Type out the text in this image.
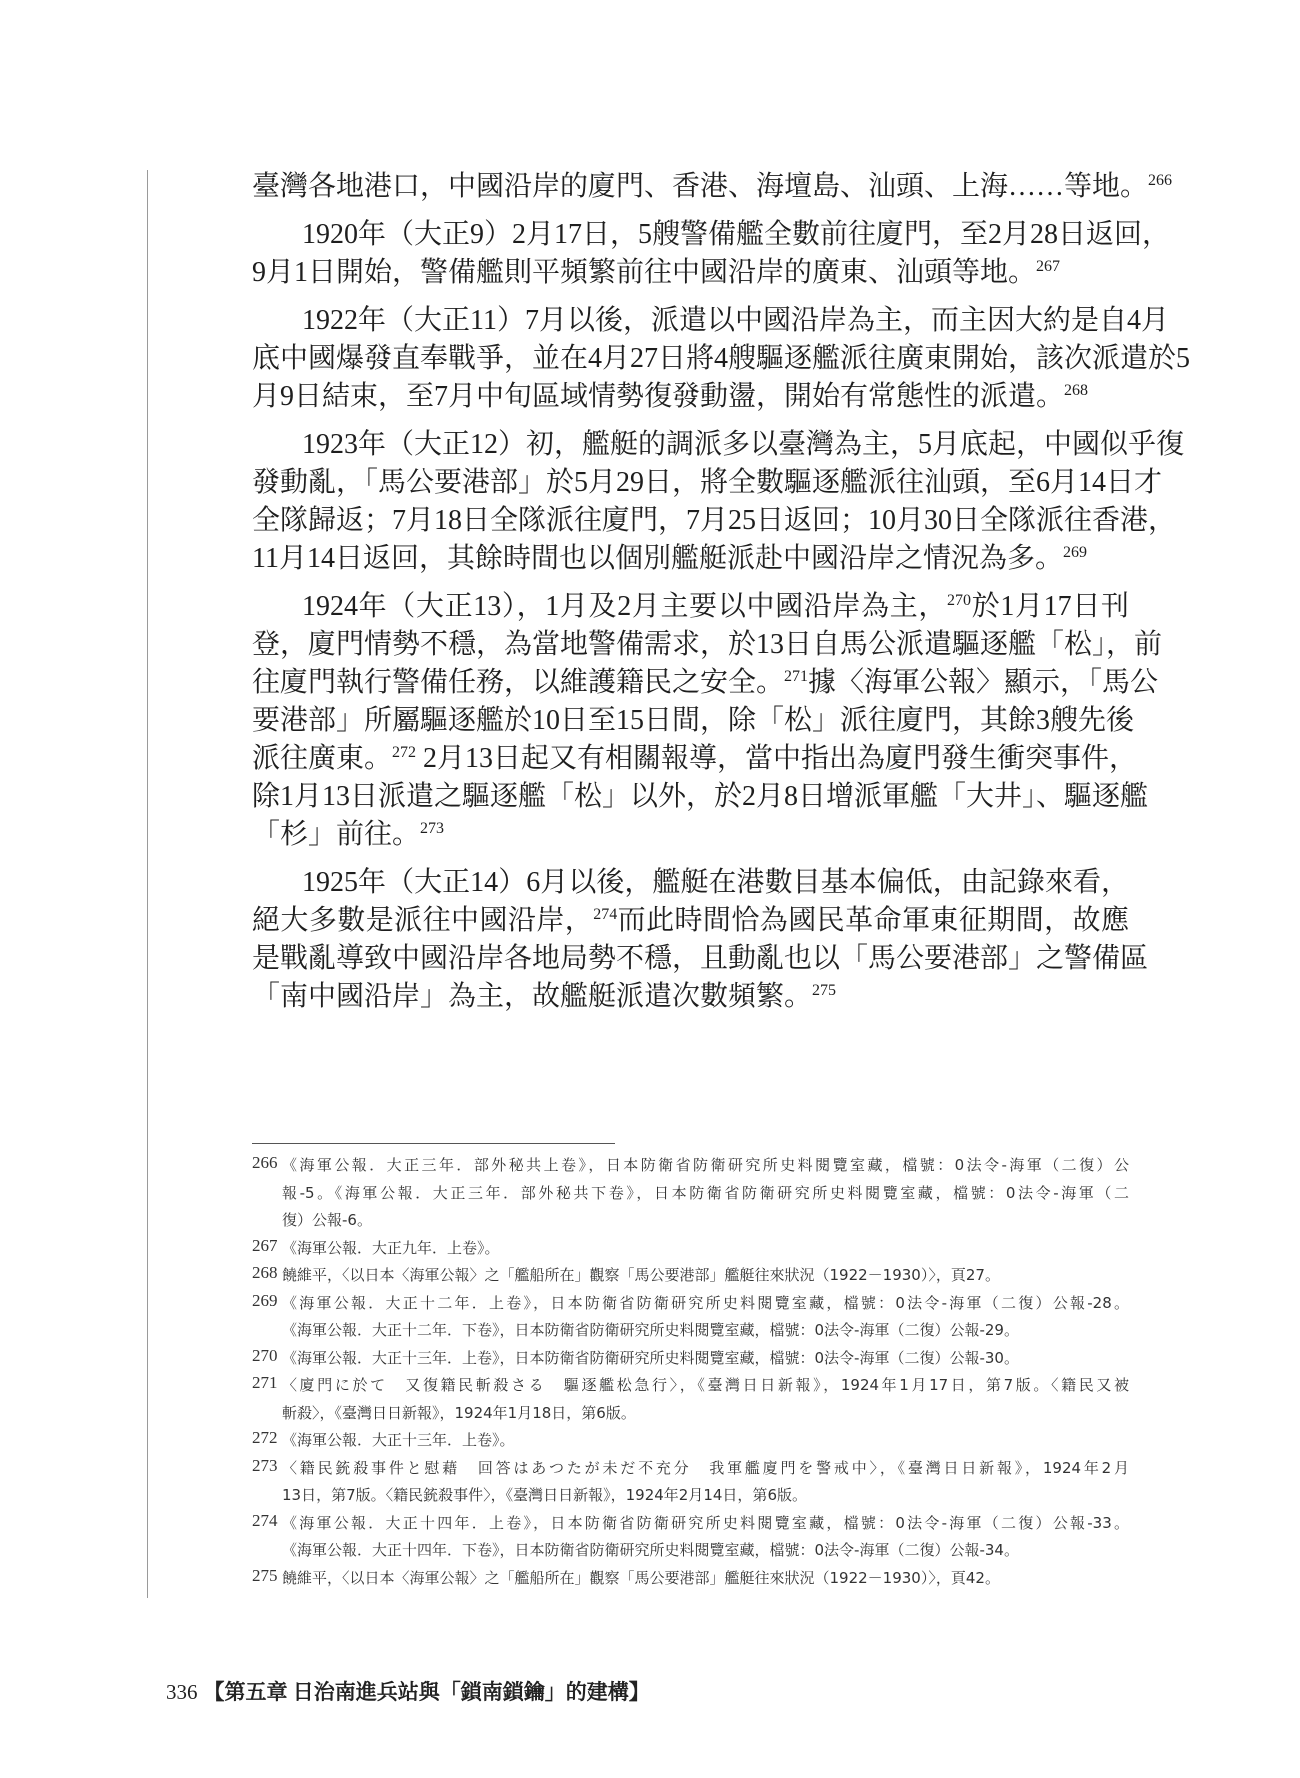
臺灣各地港口，中國沿岸的廈門、香港、海壇島、汕頭、上海……等地。$^{266}$
1920年（大正9）2月17日，5艘警備艦全數前往廈門，至2月28日返回，
9月1日開始，警備艦則平頻繁前往中國沿岸的廣東、汕頭等地。$^{267}$
1922年（大正11）7月以後，派遣以中國沿岸為主，而主因大約是自4月
底中國爆發直奉戰爭，並在4月27日將4艘驅逐艦派往廣東開始，該次派遣於5
月9日結束，至7月中旬區域情勢復發動盪，開始有常態性的派遣。$^{268}$
1923年（大正12）初，艦艇的調派多以臺灣為主，5月底起，中國似乎復
發動亂，「馬公要港部」於5月29日，將全數驅逐艦派往汕頭，至6月14日才
全隊歸返；7月18日全隊派往廈門，7月25日返回；10月30日全隊派往香港，
11月14日返回，其餘時間也以個別艦艇派赴中國沿岸之情況為多。$^{269}$
1924年（大正13），1月及2月主要以中國沿岸為主，$^{270}$於1月17日刊
登，廈門情勢不穩，為當地警備需求，於13日自馬公派遣驅逐艦「松」，前
往廈門執行警備任務，以維護籍民之安全。$^{271}$據〈海軍公報〉顯示，「馬公
要港部」所屬驅逐艦於10日至15日間，除「松」派往廈門，其餘3艘先後
派往廣東。$^{272}$ 2月13日起又有相關報導，當中指出為廈門發生衝突事件，
除1月13日派遣之驅逐艦「松」以外，於2月8日增派軍艦「大井」、驅逐艦
「杉」前往。$^{273}$
1925年（大正14）6月以後，艦艇在港數目基本偏低，由記錄來看，
絕大多數是派往中國沿岸，$^{274}$而此時間恰為國民革命軍東征期間，故應
是戰亂導致中國沿岸各地局勢不穩，且動亂也以「馬公要港部」之警備區
「南中國沿岸」為主，故艦艇派遣次數頻繁。$^{275}$
266 《海軍公報．大正三年．部外秘共上卷》，日本防衛省防衛研究所史料閱覽室藏，檔號：0法令-海軍（二復）公
報-5。《海軍公報．大正三年．部外秘共下卷》，日本防衛省防衛研究所史料閱覽室藏，檔號：0法令-海軍（二
復）公報-6。
267 《海軍公報．大正九年．上卷》。
268 饒維平，〈以日本〈海軍公報〉之「艦船所在」觀察「馬公要港部」艦艇往來狀況（1922－1930）〉，頁27。
269 《海軍公報．大正十二年．上卷》，日本防衛省防衛研究所史料閱覽室藏，檔號：0法令-海軍（二復）公報-28。
《海軍公報．大正十二年．下卷》，日本防衛省防衛研究所史料閱覽室藏，檔號：0法令-海軍（二復）公報-29。
270 《海軍公報．大正十三年．上卷》，日本防衛省防衛研究所史料閱覽室藏，檔號：0法令-海軍（二復）公報-30。
271 〈廈門に於て　又復籍民斬殺さる　驅逐艦松急行〉，《臺灣日日新報》，1924年1月17日，第7版。〈籍民又被
斬殺〉，《臺灣日日新報》，1924年1月18日，第6版。
272 《海軍公報．大正十三年．上卷》。
273 〈籍民銃殺事件と慰藉　回答はあつたが未だ不充分　我軍艦廈門を警戒中〉，《臺灣日日新報》，1924年2月
13日，第7版。〈籍民銃殺事件〉，《臺灣日日新報》，1924年2月14日，第6版。
274 《海軍公報．大正十四年．上卷》，日本防衛省防衛研究所史料閱覽室藏，檔號：0法令-海軍（二復）公報-33。
《海軍公報．大正十四年．下卷》，日本防衛省防衛研究所史料閱覽室藏，檔號：0法令-海軍（二復）公報-34。
275 饒維平，〈以日本〈海軍公報〉之「艦船所在」觀察「馬公要港部」艦艇往來狀況（1922－1930）〉，頁42。
336 【第五章 日治南進兵站與「鎖南鎖鑰」的建構】
